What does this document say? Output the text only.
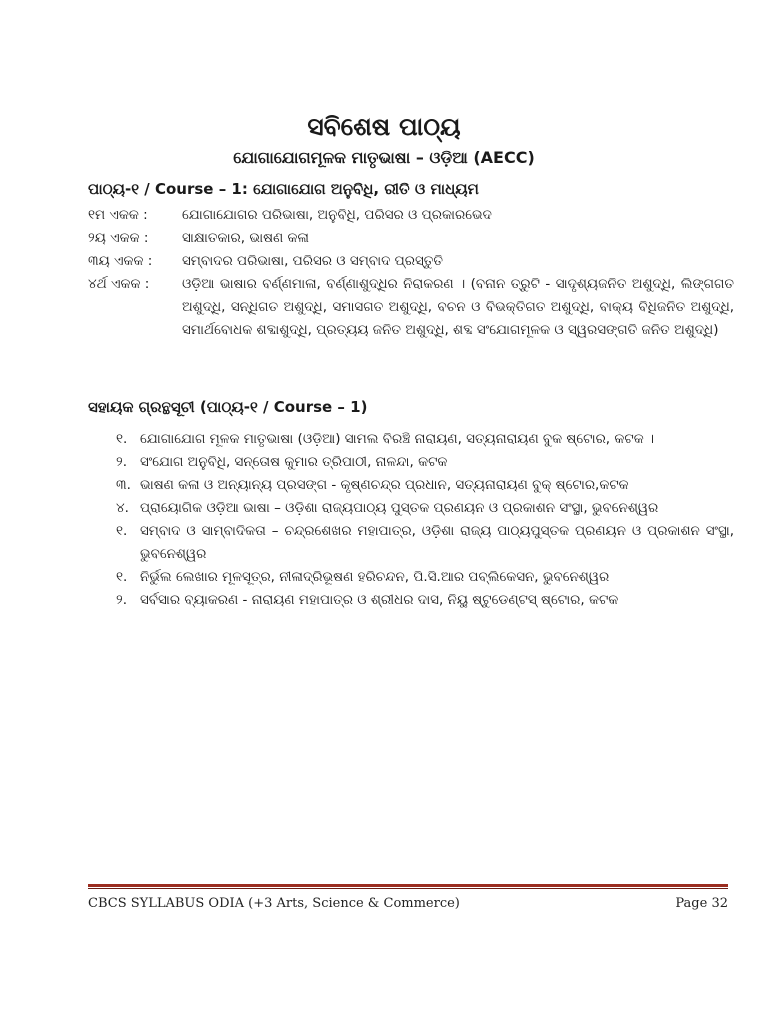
ସବିଶେଷ ପାଠ୍ୟ
ଯୋଗାଯୋଗମୂଳକ ମାତୃଭାଷା – ଓଡ଼ିଆ (AECC)
ପାଠ୍ୟ-୧ / Course – 1: ଯୋଗାଯୋଗ ଅନୁବିଧି, ରୀତି ଓ ମାଧ୍ୟମ
୧ମ ଏକକ :	ଯୋଗାଯୋଗର ପରିଭାଷା, ଅନୁବିଧି, ପରିସର ଓ ପ୍ରକାରଭେଦ
୨ୟ ଏକକ :	ସାକ୍ଷାତକାର, ଭାଷଣ କଳା
୩ୟ ଏକକ :	ସମ୍ବାଦର ପରିଭାଷା, ପରିସର ଓ ସମ୍ବାଦ ପ୍ରସ୍ତୁତି
୪ର୍ଥ ଏକକ :	ଓଡ଼ିଆ ଭାଷାର ବର୍ଣ୍ଣମାଳା, ବର୍ଣ୍ଣାଶୁଦ୍ଧିର ନିରାକରଣ । (ବନାନ ତ୍ରୁଟି - ସାଦୃଶ୍ୟଜନିତ ଅଶୁଦ୍ଧି, ଲିଙ୍ଗଗତ ଅଶୁଦ୍ଧି, ସନ୍ଧିଗତ ଅଶୁଦ୍ଧି, ସମାସଗତ ଅଶୁଦ୍ଧି, ବଚନ ଓ ବିଭକ୍ତିଗତ ଅଶୁଦ୍ଧି, ବାକ୍ୟ ବିଧିଜନିତ ଅଶୁଦ୍ଧି, ସମାର୍ଥବୋଧକ ଶବ୍ଦାଶୁଦ୍ଧି, ପ୍ରତ୍ୟୟ ଜନିତ ଅଶୁଦ୍ଧି, ଶବ୍ଦ ସଂଯୋଗମୂଳକ ଓ ସ୍ୱରସଙ୍ଗତି ଜନିତ ଅଶୁଦ୍ଧି)
ସହାୟକ ଗ୍ରନ୍ଥସୂଚୀ (ପାଠ୍ୟ-୧ / Course – 1)
୧. ଯୋଗାଯୋଗ ମୂଳକ ମାତୃଭାଷା (ଓଡ଼ିଆ) ସାମଲ ବିରଞ୍ଚି ନାରାୟଣ, ସତ୍ୟନାରାୟଣ ବୁକ ଷ୍ଟୋର, କଟକ ।
୨. ସଂଯୋଗ ଅନୁବିଧି, ସନ୍ତୋଷ କୁମାର ତ୍ରିପାଠୀ, ନାଳନ୍ଦା, କଟକ
୩. ଭାଷଣ କଳା ଓ ଅନ୍ୟାନ୍ୟ ପ୍ରସଙ୍ଗ - କୃଷ୍ଣଚନ୍ଦ୍ର ପ୍ରଧାନ, ସତ୍ୟନାରାୟଣ ବୁକ୍ ଷ୍ଟୋର,କଟକ
୪. ପ୍ରାୟୋଗିକ ଓଡ଼ିଆ ଭାଷା – ଓଡ଼ିଶା ରାଜ୍ୟପାଠ୍ୟ ପୁସ୍ତକ ପ୍ରଣୟନ ଓ ପ୍ରକାଶନ ସଂସ୍ଥା, ଭୁବନେଶ୍ୱର
୧. ସମ୍ବାଦ ଓ ସାମ୍ବାଦିକତା – ଚନ୍ଦ୍ରଶେଖର ମହାପାତ୍ର, ଓଡ଼ିଶା ରାଜ୍ୟ ପାଠ୍ୟପୁସ୍ତକ ପ୍ରଣୟନ ଓ ପ୍ରକାଶନ ସଂସ୍ଥା, ଭୁବନେଶ୍ୱର
୧. ନିର୍ଭୁଲ ଲେଖାର ମୂଳସୂତ୍ର, ନୀଳାଦ୍ରିଭୂଷଣ ହରିଚନ୍ଦନ, ପି.ସି.ଆର ପବ୍ଲିକେସନ, ଭୁବନେଶ୍ୱର
୨. ସର୍ବସାର ବ୍ୟାକରଣ - ନାରାୟଣ ମହାପାତ୍ର ଓ ଶ୍ରୀଧର ଦାସ, ନିୟୁ ଷ୍ଟୁଡେଣ୍ଟସ୍ ଷ୍ଟୋର, କଟକ
CBCS SYLLABUS ODIA (+3 Arts, Science & Commerce)	Page 32
